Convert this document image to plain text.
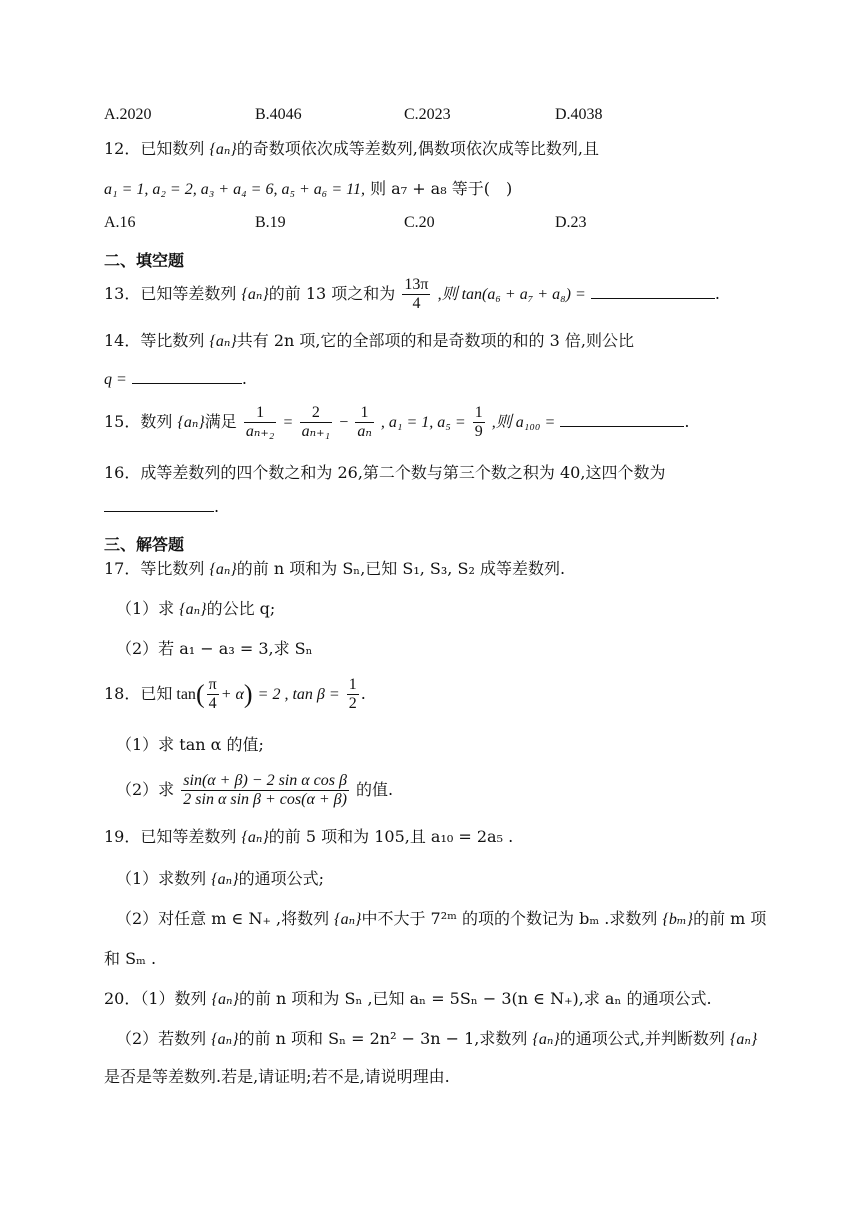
A.2020	B.4046	C.2023	D.4038
12．已知数列 {aₙ}的奇数项依次成等差数列,偶数项依次成等比数列,且
a₁ = 1, a₂ = 2, a₃ + a₄ = 6, a₅ + a₆ = 11, 则 a₇ + a₈ 等于(　)
A.16	B.19	C.20	D.23
二、填空题
13．已知等差数列 {aₙ}的前 13 项之和为 $\frac{13\pi}{4}$ ,则 tan(a₆ + a₇ + a₈) =	.
14．等比数列 {aₙ}共有 2n 项,它的全部项的和是奇数项的和的 3 倍,则公比
q =	.
15．数列 {aₙ}满足 $\frac{1}{\text{aₙ₊₂}} = \frac{2}{\text{aₙ₊₁}} - \frac{1}{\text{aₙ}}$ , a₁ = 1, $a_5 = \frac{1}{9}$ ,则 a₁₀₀ =	.
16．成等差数列的四个数之和为 26,第二个数与第三个数之积为 40,这四个数为
.
三、解答题
17．等比数列 {aₙ}的前 n 项和为 Sₙ,已知 S₁, S₃, S₂ 成等差数列.
（1）求 {aₙ}的公比 q;
（2）若 a₁ − a₃ = 3,求 Sₙ
18．已知 $\tan( \frac{\pi}{4} + \alpha) = 2$ , $\tan \beta = \frac{1}{2}$ .
（1）求 tan α 的值;
（2）求 $\frac{\text{sin(α + β) − 2 sin α cos β}}{\text{2 sin α sin β + cos(α + β)}}$ 的值.
19．已知等差数列 {aₙ}的前 5 项和为 105,且 a₁₀ = 2a₅ .
（1）求数列 {aₙ}的通项公式;
（2）对任意 m ∈ N₊ ,将数列 {aₙ}中不大于 7²ᵐ 的项的个数记为 bₘ .求数列 {bₘ}的前 m 项
和 Sₘ .
20．（1）数列 {aₙ}的前 n 项和为 Sₙ ,已知 aₙ = 5Sₙ − 3(n ∈ N₊),求 aₙ 的通项公式.
（2）若数列 {aₙ}的前 n 项和 Sₙ = 2n² − 3n − 1,求数列 {aₙ}的通项公式,并判断数列 {aₙ}
是否是等差数列.若是,请证明;若不是,请说明理由.
